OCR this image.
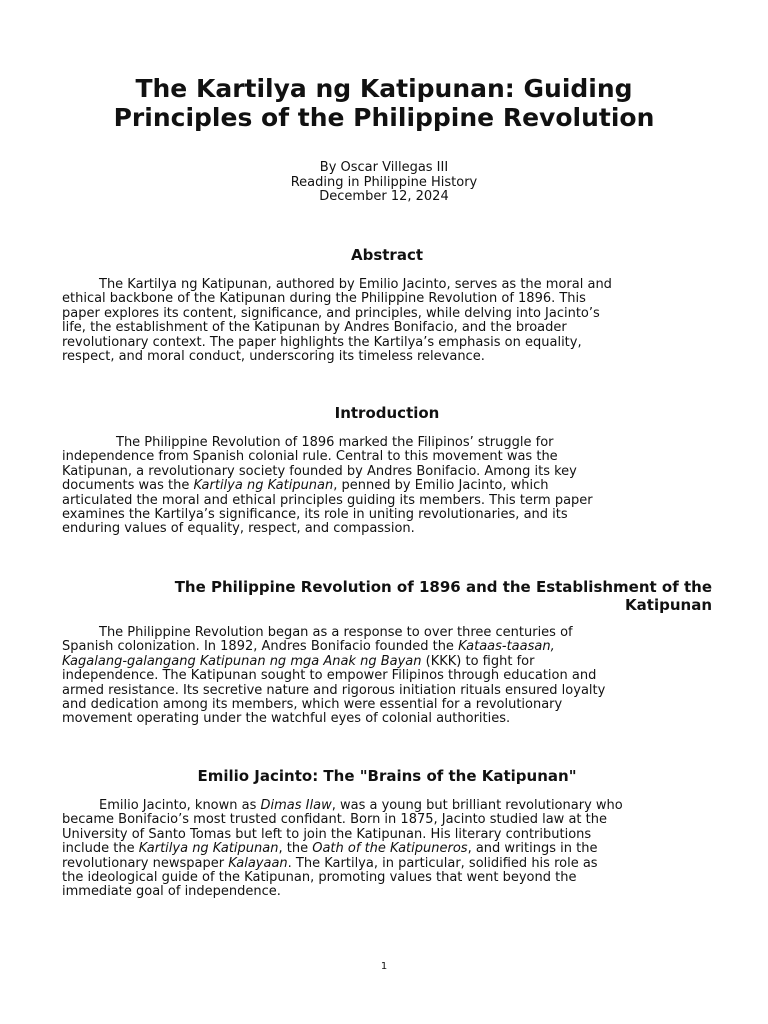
The Kartilya ng Katipunan: Guiding
Principles of the Philippine Revolution
By Oscar Villegas III
Reading in Philippine History
December 12, 2024
Abstract
The Kartilya ng Katipunan, authored by Emilio Jacinto, serves as the moral and
ethical backbone of the Katipunan during the Philippine Revolution of 1896. This
paper explores its content, significance, and principles, while delving into Jacinto’s
life, the establishment of the Katipunan by Andres Bonifacio, and the broader
revolutionary context. The paper highlights the Kartilya’s emphasis on equality,
respect, and moral conduct, underscoring its timeless relevance.
Introduction
The Philippine Revolution of 1896 marked the Filipinos’ struggle for
independence from Spanish colonial rule. Central to this movement was the
Katipunan, a revolutionary society founded by Andres Bonifacio. Among its key
documents was the Kartilya ng Katipunan, penned by Emilio Jacinto, which
articulated the moral and ethical principles guiding its members. This term paper
examines the Kartilya’s significance, its role in uniting revolutionaries, and its
enduring values of equality, respect, and compassion.
The Philippine Revolution of 1896 and the Establishment of the
Katipunan
The Philippine Revolution began as a response to over three centuries of
Spanish colonization. In 1892, Andres Bonifacio founded the Kataas-taasan,
Kagalang-galangang Katipunan ng mga Anak ng Bayan (KKK) to fight for
independence. The Katipunan sought to empower Filipinos through education and
armed resistance. Its secretive nature and rigorous initiation rituals ensured loyalty
and dedication among its members, which were essential for a revolutionary
movement operating under the watchful eyes of colonial authorities.
Emilio Jacinto: The "Brains of the Katipunan"
Emilio Jacinto, known as Dimas Ilaw, was a young but brilliant revolutionary who
became Bonifacio’s most trusted confidant. Born in 1875, Jacinto studied law at the
University of Santo Tomas but left to join the Katipunan. His literary contributions
include the Kartilya ng Katipunan, the Oath of the Katipuneros, and writings in the
revolutionary newspaper Kalayaan. The Kartilya, in particular, solidified his role as
the ideological guide of the Katipunan, promoting values that went beyond the
immediate goal of independence.
1
